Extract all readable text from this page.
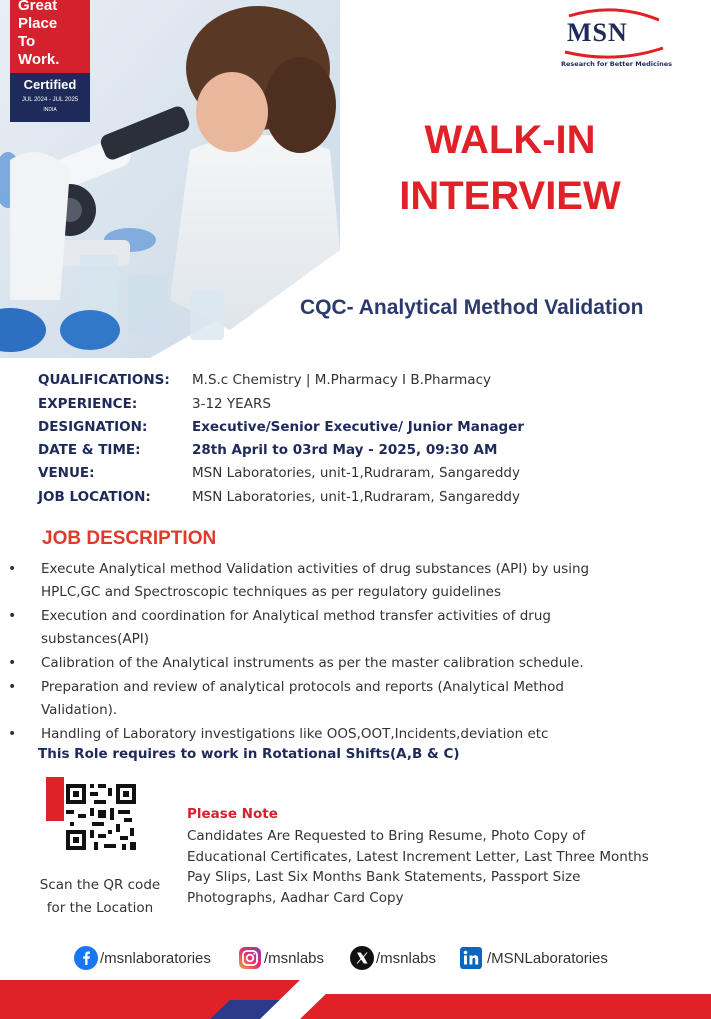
Great
Place
To
Work.
Certified
JUL 2024 - JUL 2025
INDIA
MSN
Research for Better Medicines
WALK-IN
INTERVIEW
CQC- Analytical Method Validation
QUALIFICATIONS: M.S.c Chemistry | M.Pharmacy I B.Pharmacy
EXPERIENCE:	3-12 YEARS
DESIGNATION:	Executive/Senior Executive/ Junior Manager
DATE & TIME:	28th April to 03rd May - 2025, 09:30 AM
VENUE:	MSN Laboratories, unit-1,Rudraram, Sangareddy
JOB LOCATION:	MSN Laboratories, unit-1,Rudraram, Sangareddy
JOB DESCRIPTION
• Execute Analytical method Validation activities of drug substances (API) by using HPLC,GC and Spectroscopic techniques as per regulatory guidelines
• Execution and coordination for Analytical method transfer activities of drug substances(API)
• Calibration of the Analytical instruments as per the master calibration schedule.
• Preparation and review of analytical protocols and reports (Analytical Method Validation).
• Handling of Laboratory investigations like OOS,OOT,Incidents,deviation etc
This Role requires to work in Rotational Shifts(A,B & C)
Scan the QR code for the Location
Please Note
Candidates Are Requested to Bring Resume, Photo Copy of Educational Certificates, Latest Increment Letter, Last Three Months Pay Slips, Last Six Months Bank Statements, Passport Size Photographs, Aadhar Card Copy
/msnlaboratories	/msnlabs	/msnlabs	/MSNLaboratories
